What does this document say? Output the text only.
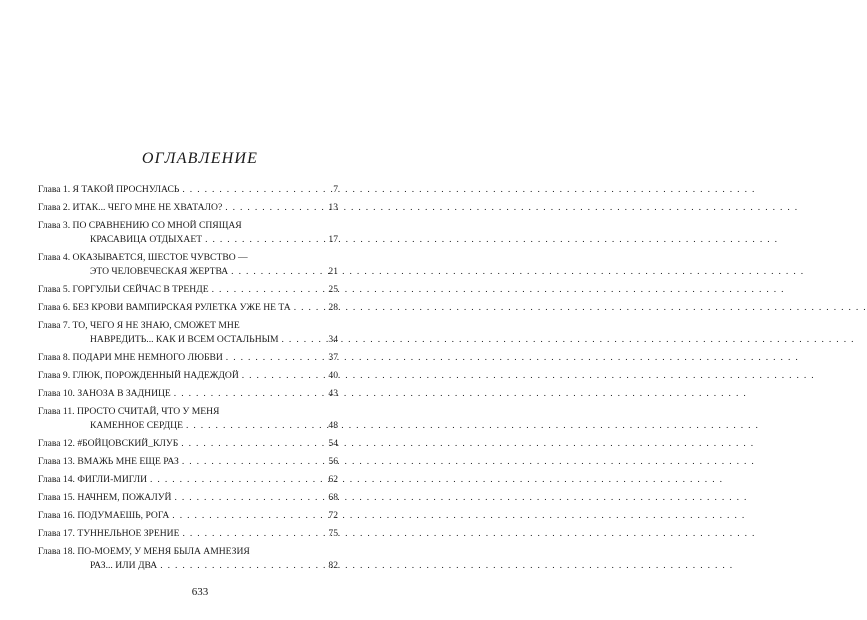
ОГЛАВЛЕНИЕ
Глава 1.
Я ТАКОЙ ПРОСНУЛАСЬ . . .	7
Глава 2.
ИТАК... ЧЕГО МНЕ НЕ ХВАТАЛО? . . .	13
Глава 3.
ПО СРАВНЕНИЮ СО МНОЙ СПЯЩАЯ
КРАСАВИЦА ОТДЫХАЕТ . . .	17
Глава 4.
ОКАЗЫВАЕТСЯ, ШЕСТОЕ ЧУВСТВО —
ЭТО ЧЕЛОВЕЧЕСКАЯ ЖЕРТВА . . .	21
Глава 5.
ГОРГУЛЬИ СЕЙЧАС В ТРЕНДЕ . . .	25
Глава 6.
БЕЗ КРОВИ ВАМПИРСКАЯ РУЛЕТКА УЖЕ НЕ ТА . . .	28
Глава 7.
ТО, ЧЕГО Я НЕ ЗНАЮ, СМОЖЕТ МНЕ
НАВРЕДИТЬ... КАК И ВСЕМ ОСТАЛЬНЫМ . . .	34
Глава 8.
ПОДАРИ МНЕ НЕМНОГО ЛЮБВИ . . .	37
Глава 9.
ГЛЮК, ПОРОЖДЕННЫЙ НАДЕЖДОЙ . . .	40
Глава 10.
ЗАНОЗА В ЗАДНИЦЕ . . .	43
Глава 11.
ПРОСТО СЧИТАЙ, ЧТО У МЕНЯ
КАМЕННОЕ СЕРДЦЕ . . .	48
Глава 12.
#БОЙЦОВСКИЙ_КЛУБ . . .	54
Глава 13.
ВМАЖЬ МНЕ ЕЩЕ РАЗ . . .	56
Глава 14.
ФИГЛИ-МИГЛИ . . .	62
Глава 15.
НАЧНЕМ, ПОЖАЛУЙ . . .	68
Глава 16.
ПОДУМАЕШЬ, РОГА . . .	72
Глава 17.
ТУННЕЛЬНОЕ ЗРЕНИЕ . . .	75
Глава 18.
ПО-МОЕМУ, У МЕНЯ БЫЛА АМНЕЗИЯ
РАЗ... ИЛИ ДВА . . .	82
633
